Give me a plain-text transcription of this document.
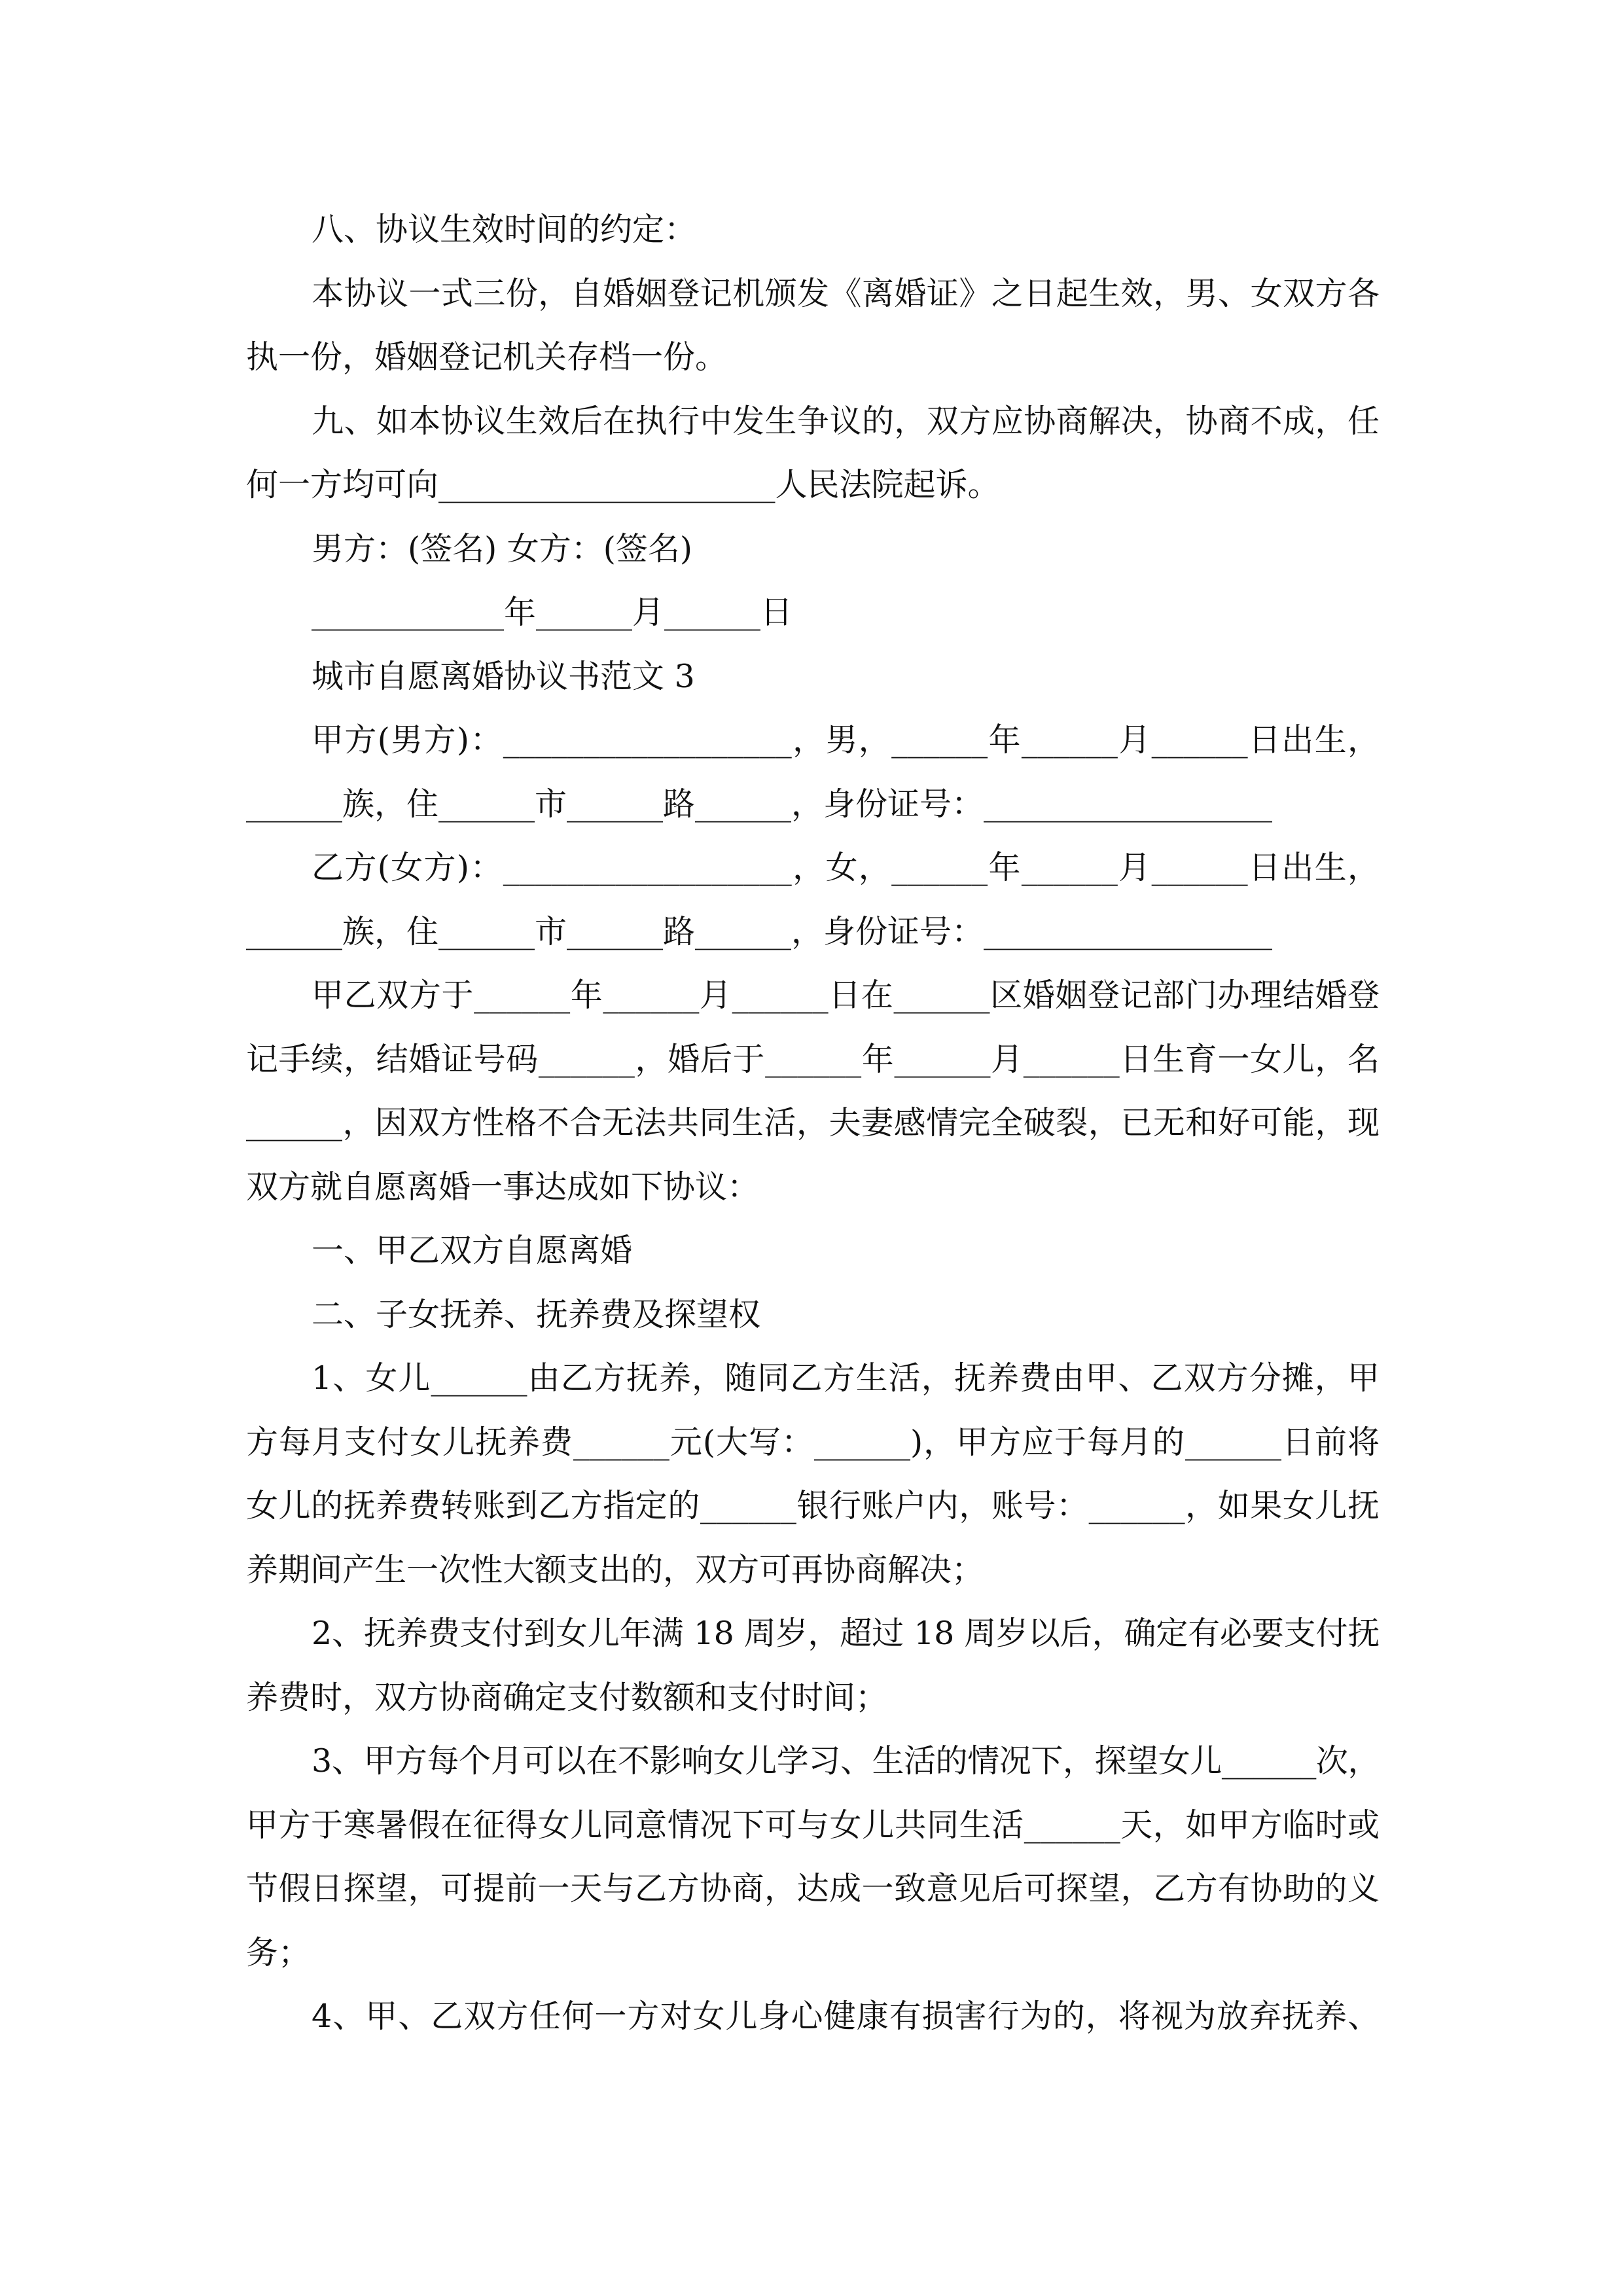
八、协议生效时间的约定：
本协议一式三份，自婚姻登记机颁发《离婚证》之日起生效，男、女双方各
执一份，婚姻登记机关存档一份。
九、如本协议生效后在执行中发生争议的，双方应协商解决，协商不成，任
何一方均可向_____________________人民法院起诉。
男方：(签名) 女方：(签名)
____________年______月______日
城市自愿离婚协议书范文 3
甲方(男方)：__________________，男，______年______月______日出生，
______族，住______市______路______，身份证号：__________________
乙方(女方)：__________________，女，______年______月______日出生，
______族，住______市______路______，身份证号：__________________
甲乙双方于______年______月______日在______区婚姻登记部门办理结婚登
记手续，结婚证号码______，婚后于______年______月______日生育一女儿，名
______，因双方性格不合无法共同生活，夫妻感情完全破裂，已无和好可能，现
双方就自愿离婚一事达成如下协议：
一、甲乙双方自愿离婚
二、子女抚养、抚养费及探望权
1、女儿______由乙方抚养，随同乙方生活，抚养费由甲、乙双方分摊，甲
方每月支付女儿抚养费______元(大写：______)，甲方应于每月的______日前将
女儿的抚养费转账到乙方指定的______银行账户内，账号：______，如果女儿抚
养期间产生一次性大额支出的，双方可再协商解决；
2、抚养费支付到女儿年满 18 周岁，超过 18 周岁以后，确定有必要支付抚
养费时，双方协商确定支付数额和支付时间；
3、甲方每个月可以在不影响女儿学习、生活的情况下，探望女儿______次，
甲方于寒暑假在征得女儿同意情况下可与女儿共同生活______天，如甲方临时或
节假日探望，可提前一天与乙方协商，达成一致意见后可探望，乙方有协助的义
务；
4、甲、乙双方任何一方对女儿身心健康有损害行为的，将视为放弃抚养、
